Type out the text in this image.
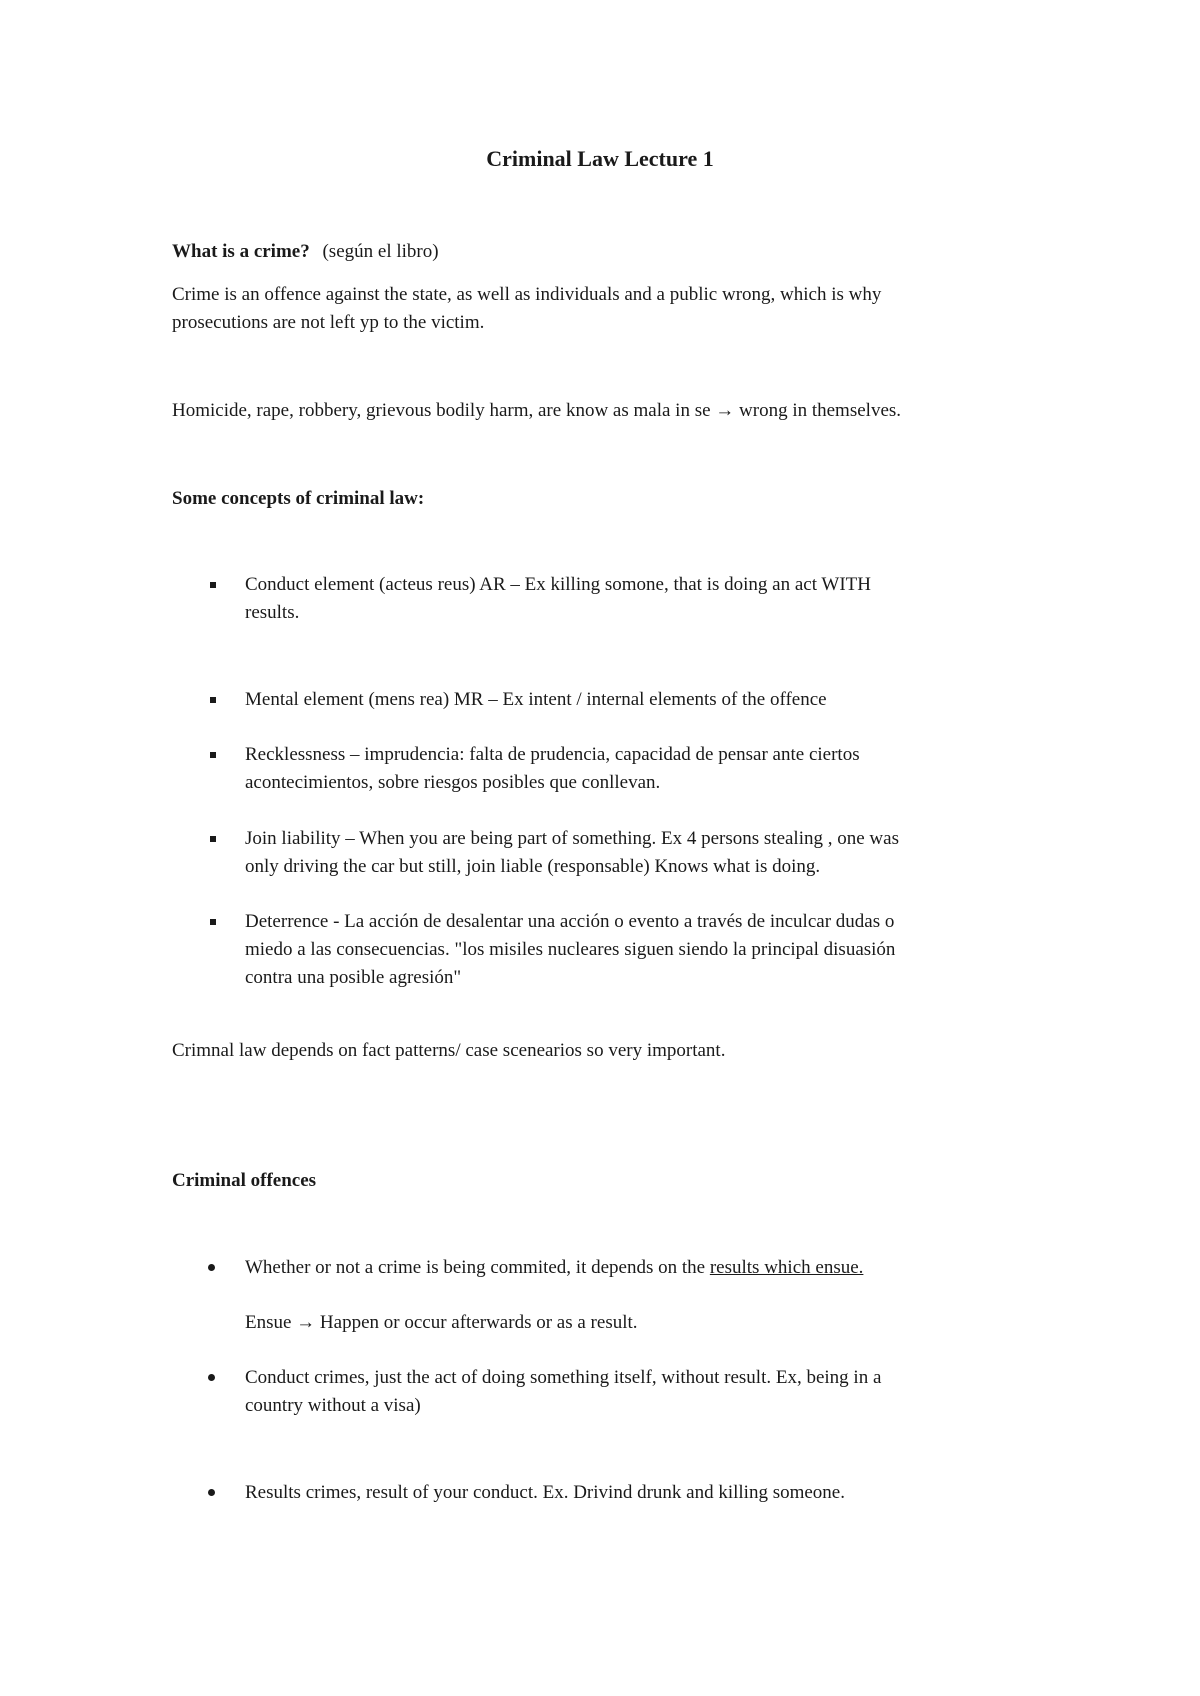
Criminal Law Lecture 1
What is a crime? (según el libro)
Crime is an offence against the state, as well as individuals and a public wrong, which is why
prosecutions are not left yp to the victim.
Homicide, rape, robbery, grievous bodily harm, are know as mala in se → wrong in themselves.
Some concepts of criminal law:
Conduct element (acteus reus) AR – Ex killing somone, that is doing an act WITH
results.
Mental element (mens rea) MR – Ex intent / internal elements of the offence
Recklessness – imprudencia: falta de prudencia, capacidad de pensar ante ciertos
acontecimientos, sobre riesgos posibles que conllevan.
Join liability – When you are being part of something. Ex 4 persons stealing , one was
only driving the car but still, join liable (responsable) Knows what is doing.
Deterrence - La acción de desalentar una acción o evento a través de inculcar dudas o
miedo a las consecuencias. "los misiles nucleares siguen siendo la principal disuasión
contra una posible agresión"
Crimnal law depends on fact patterns/ case scenearios so very important.
Criminal offences
Whether or not a crime is being commited, it depends on the results which ensue.
Ensue → Happen or occur afterwards or as a result.
Conduct crimes, just the act of doing something itself, without result. Ex, being in a
country without a visa)
Results crimes, result of your conduct. Ex. Drivind drunk and killing someone.
